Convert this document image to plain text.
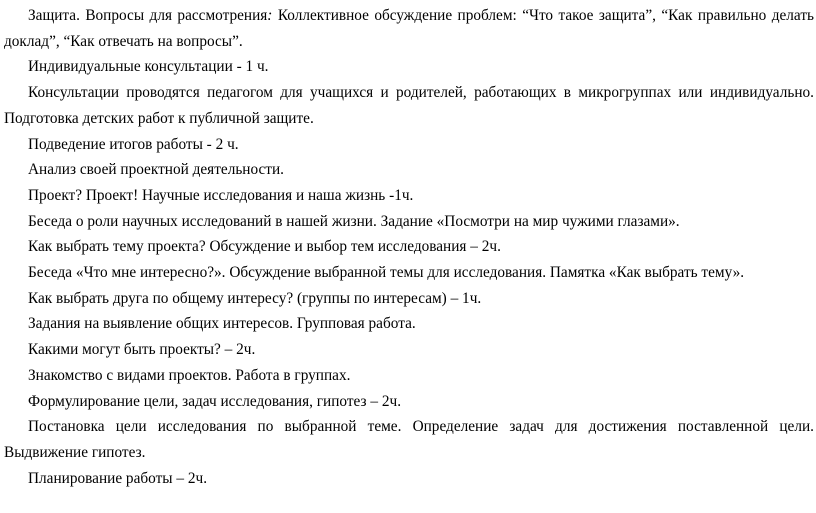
Защита. Вопросы для рассмотрения: Коллективное обсуждение проблем: “Что такое защита”, “Как правильно делать доклад”, “Как отвечать на вопросы”.

Индивидуальные консультации - 1 ч.

Консультации проводятся педагогом для учащихся и родителей, работающих в микрогруппах или индивидуально. Подготовка детских работ к публичной защите.

Подведение итогов работы - 2 ч.

Анализ своей проектной деятельности.

Проект? Проект! Научные исследования и наша жизнь -1ч.

Беседа о роли научных исследований в нашей жизни. Задание «Посмотри на мир чужими глазами».

Как выбрать тему проекта? Обсуждение и выбор тем исследования – 2ч.

Беседа «Что мне интересно?». Обсуждение выбранной темы для исследования. Памятка «Как выбрать тему».

Как выбрать друга по общему интересу? (группы по интересам) – 1ч.

Задания на выявление общих интересов. Групповая работа.

Какими могут быть проекты? – 2ч.

Знакомство с видами проектов. Работа в группах.

Формулирование цели, задач исследования, гипотез – 2ч.

Постановка цели исследования по выбранной теме. Определение задач для достижения поставленной цели. Выдвижение гипотез.

Планирование работы – 2ч.
